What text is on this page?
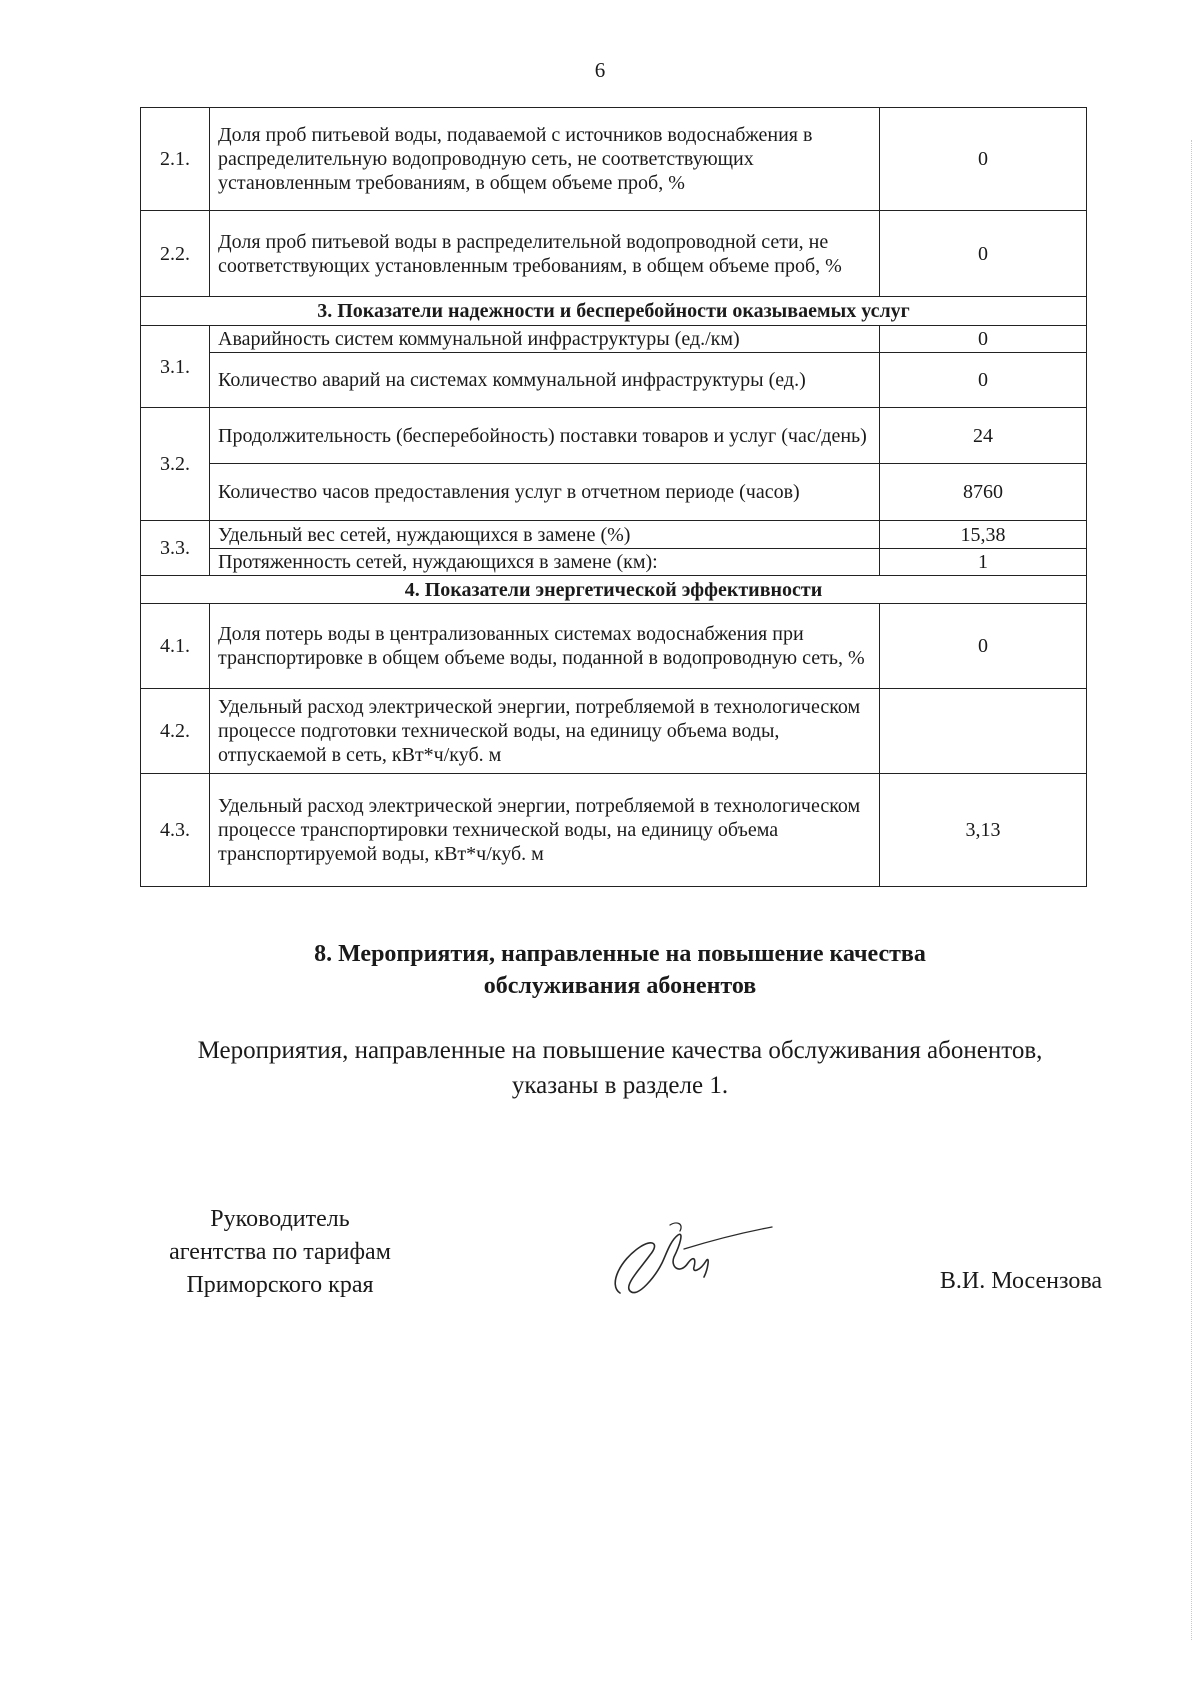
6
2.1.	Доля проб питьевой воды, подаваемой с источников водоснабжения в распределительную водопроводную сеть, не соответствующих установленным требованиям, в общем объеме проб, %	0
2.2.	Доля проб питьевой воды в распределительной водопроводной сети, не соответствующих установленным требованиям, в общем объеме проб, %	0
3. Показатели надежности и бесперебойности оказываемых услуг		
3.1.	Аварийность систем коммунальной инфраструктуры (ед./км)	0
	Количество аварий на системах коммунальной инфраструктуры (ед.)	0
3.2.	Продолжительность (бесперебойность) поставки товаров и услуг (час/день)	24
	Количество часов предоставления услуг в отчетном периоде (часов)	8760
3.3.	Удельный вес сетей, нуждающихся в замене (%)	15,38
	Протяженность сетей, нуждающихся в замене (км):	1
4. Показатели энергетической эффективности		
4.1.	Доля потерь воды в централизованных системах водоснабжения при транспортировке в общем объеме воды, поданной в водопроводную сеть, %	0
4.2.	Удельный расход электрической энергии, потребляемой в технологическом процессе подготовки технической воды, на единицу объема воды, отпускаемой в сеть, кВт*ч/куб. м	
4.3.	Удельный расход электрической энергии, потребляемой в технологическом процессе транспортировки технической воды, на единицу объема транспортируемой воды, кВт*ч/куб. м	3,13
8. Мероприятия, направленные на повышение качества
обслуживания абонентов

Мероприятия, направленные на повышение качества обслуживания абонентов,
указаны в разделе 1.

Руководитель
агентства по тарифам
Приморского края	В.И. Мосензова
